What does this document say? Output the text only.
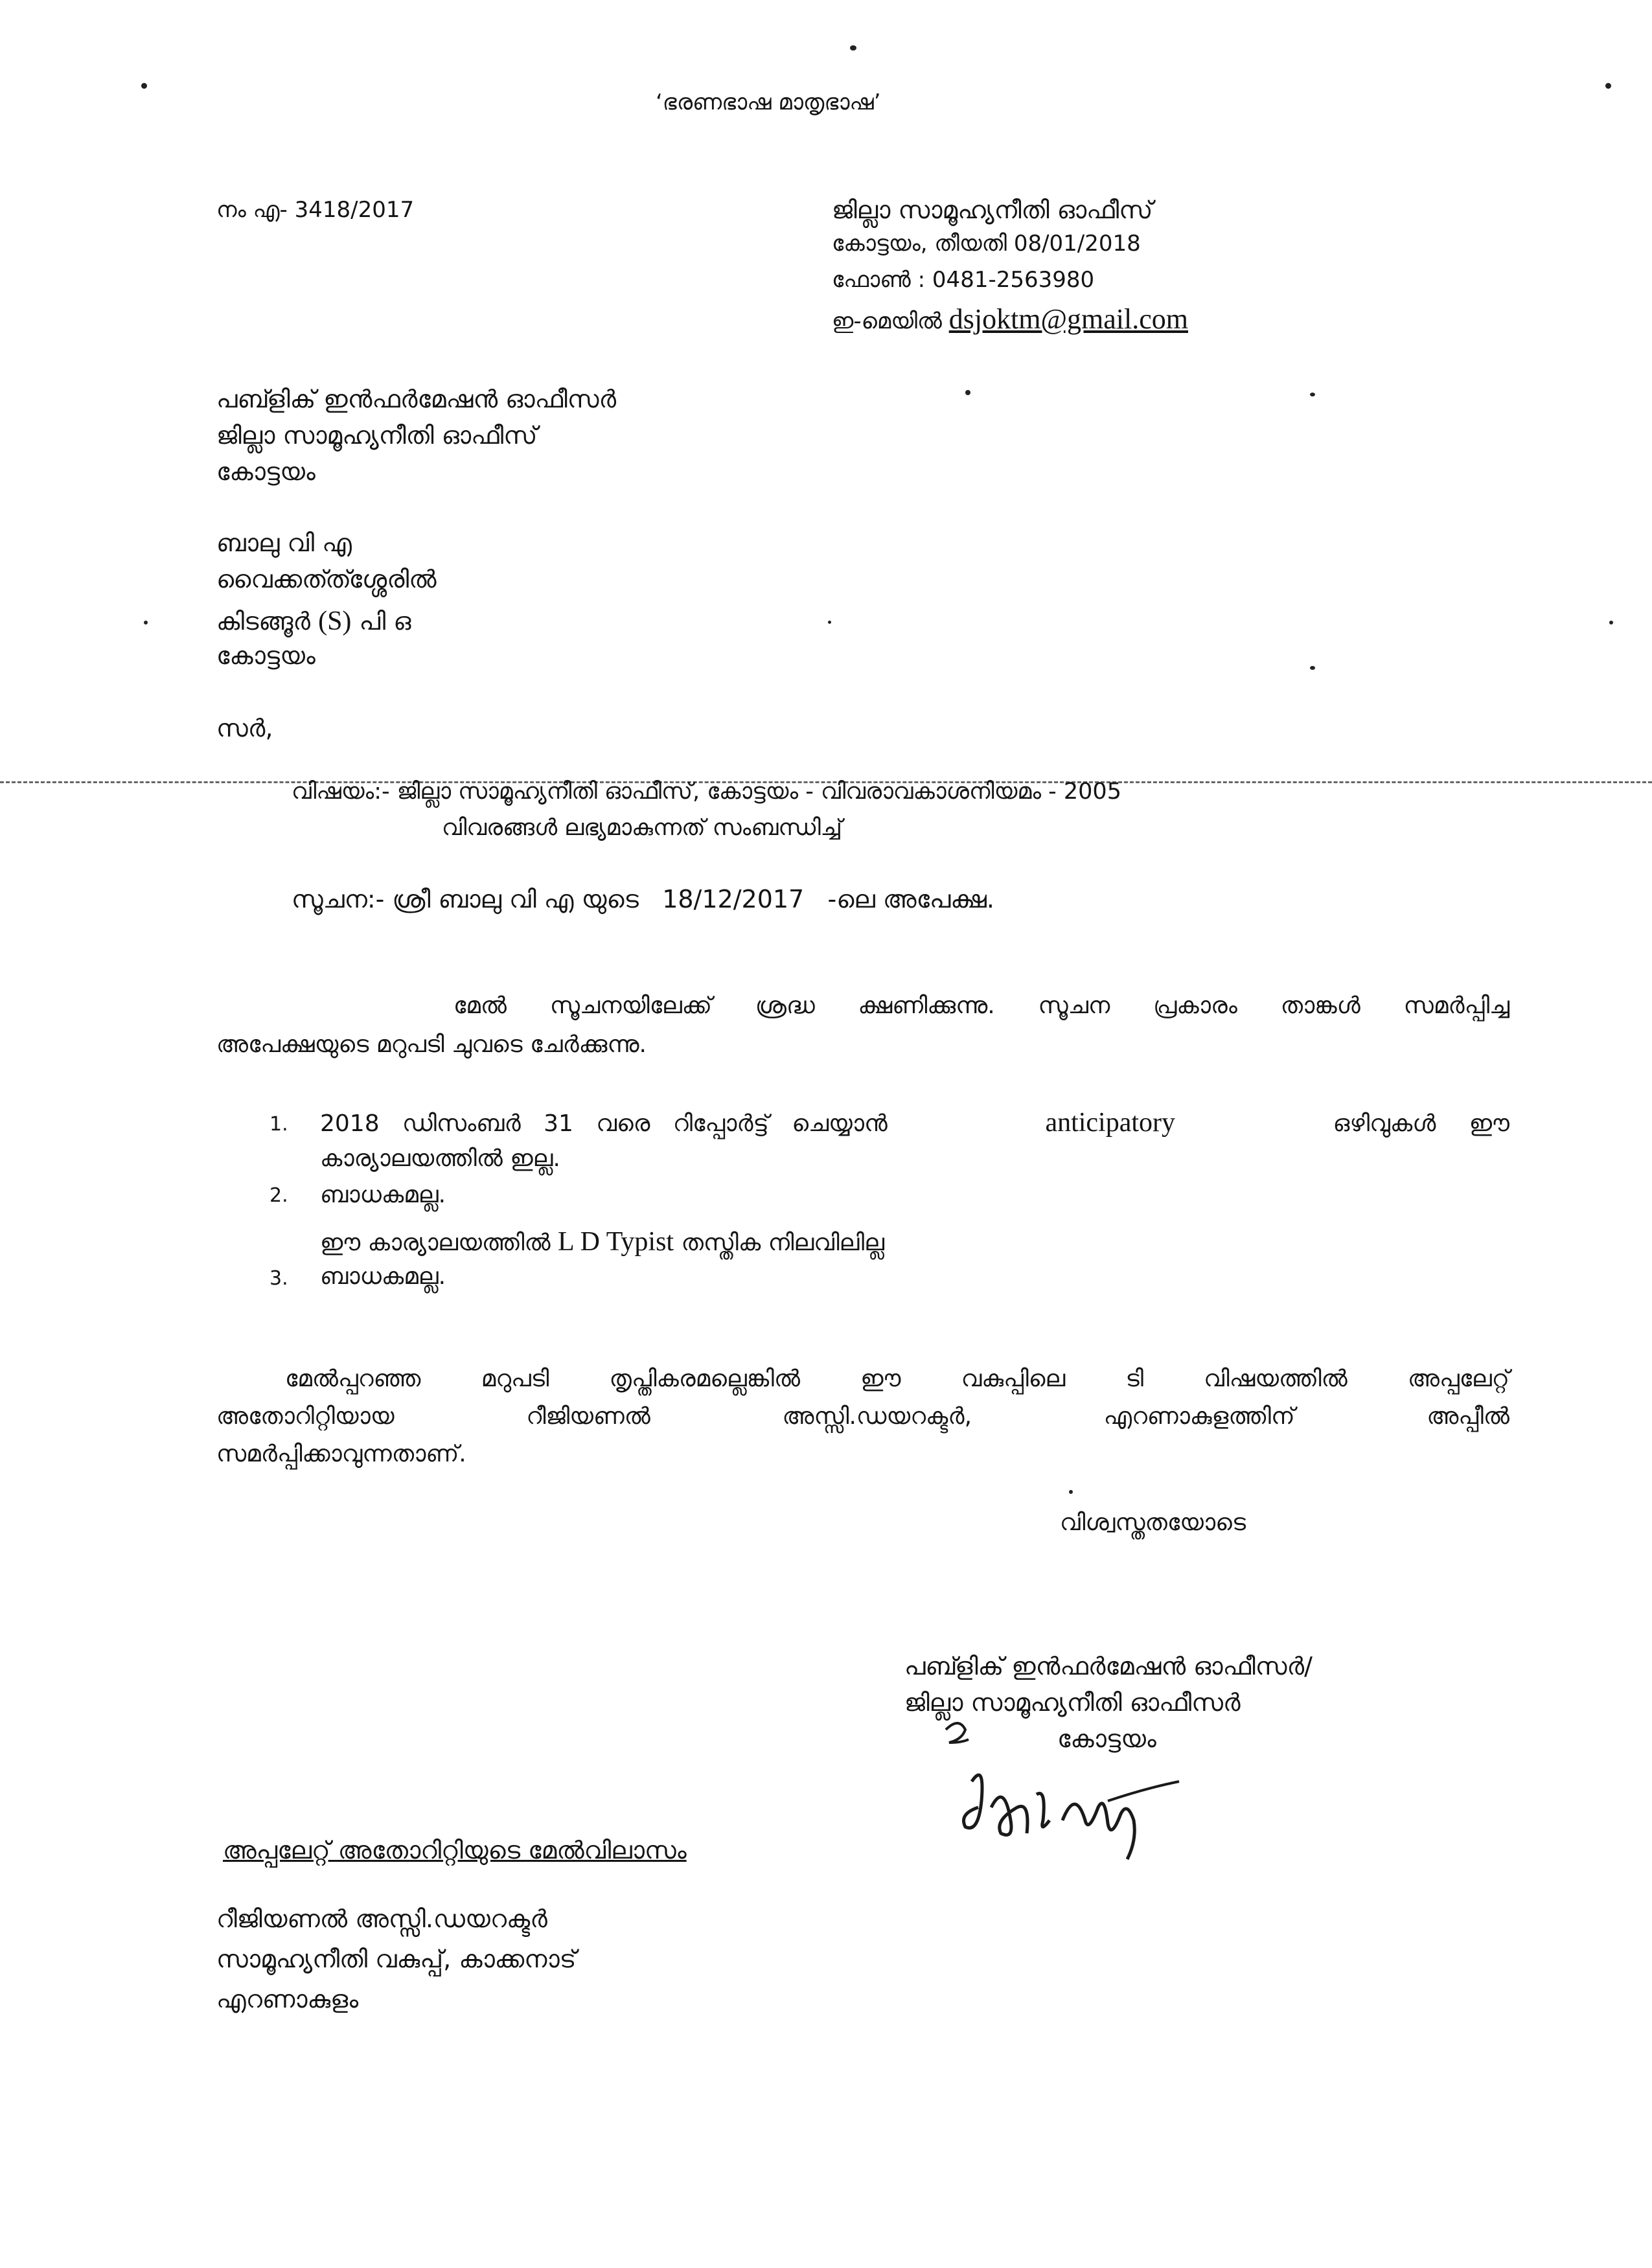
‘ഭരണഭാഷ മാതൃഭാഷ’
നം എ- 3418/2017	ജില്ലാ സാമൂഹ്യനീതി ഓഫീസ്
കോട്ടയം, തീയതി 08/01/2018
ഫോൺ : 0481-2563980
ഇ-മെയിൽ dsjoktm@gmail.com
പബ്ളിക് ഇൻഫർമേഷൻ ഓഫീസർ
ജില്ലാ സാമൂഹ്യനീതി ഓഫീസ്
കോട്ടയം
ബാലു വി എ
വൈക്കത്ത്ശ്ശേരിൽ
കിടങ്ങൂർ (S) പി ഒ
കോട്ടയം
സർ,
വിഷയം:- ജില്ലാ സാമൂഹ്യനീതി ഓഫീസ്, കോട്ടയം - വിവരാവകാശനിയമം - 2005
വിവരങ്ങൾ ലഭ്യമാകുന്നത് സംബന്ധിച്ച്
സൂചന:- ശ്രീ ബാലു വി എ യുടെ 18/12/2017 -ലെ അപേക്ഷ.
മേൽ സൂചനയിലേക്ക് ശ്രദ്ധ ക്ഷണിക്കുന്നു. സൂചന പ്രകാരം താങ്കൾ സമർപ്പിച്ച
അപേക്ഷയുടെ മറുപടി ചുവടെ ചേർക്കുന്നു.
1.	2018 ഡിസംബർ 31 വരെ റിപ്പോർട്ട് ചെയ്യാൻ	anticipatory	ഒഴിവുകൾ ഈ
കാര്യാലയത്തിൽ ഇല്ല.
2.	ബാധകമല്ല.
ഈ കാര്യാലയത്തിൽ L D Typist തസ്തിക നിലവിലില്ല
3.	ബാധകമല്ല.
മേൽപ്പറഞ്ഞ മറുപടി തൃപ്തികരമല്ലെങ്കിൽ ഈ വകുപ്പിലെ ടി വിഷയത്തിൽ അപ്പലേറ്റ്
അതോറിറ്റിയായ റീജിയണൽ അസ്സി.ഡയറക്ടർ, എറണാകുളത്തിന് അപ്പീൽ
സമർപ്പിക്കാവുന്നതാണ്.
വിശ്വസ്തതയോടെ
പബ്ളിക് ഇൻഫർമേഷൻ ഓഫീസർ/
ജില്ലാ സാമൂഹ്യനീതി ഓഫീസർ
കോട്ടയം
അപ്പലേറ്റ് അതോറിറ്റിയുടെ മേൽവിലാസം
റീജിയണൽ അസ്സി.ഡയറക്ടർ
സാമൂഹ്യനീതി വകുപ്പ്, കാക്കനാട്
എറണാകുളം
